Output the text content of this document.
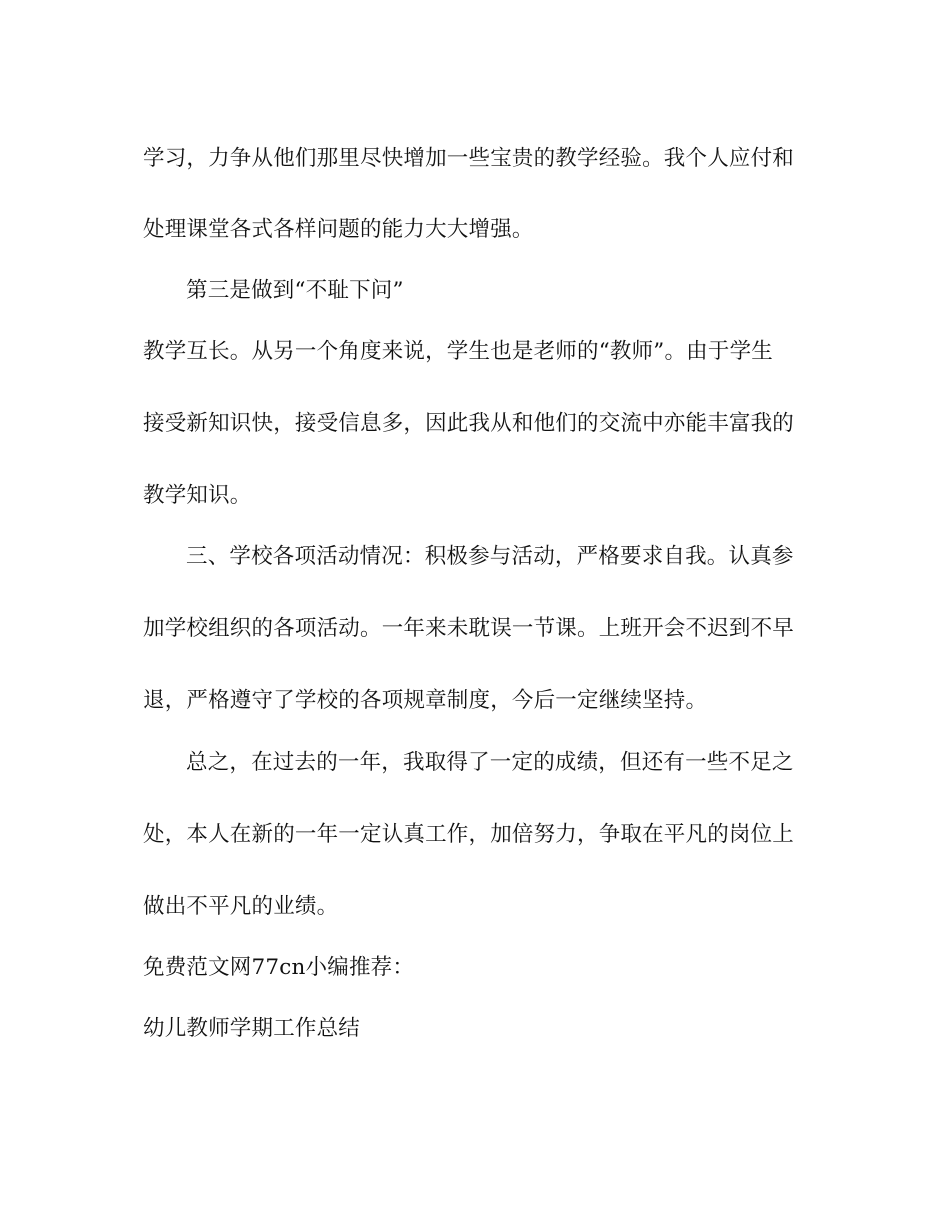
学习，力争从他们那里尽快增加一些宝贵的教学经验。我个人应付和
处理课堂各式各样问题的能力大大增强。
第三是做到“不耻下问”
教学互长。从另一个角度来说，学生也是老师的“教师”。由于学生
接受新知识快，接受信息多，因此我从和他们的交流中亦能丰富我的
教学知识。
三、学校各项活动情况：积极参与活动，严格要求自我。认真参
加学校组织的各项活动。一年来未耽误一节课。上班开会不迟到不早
退，严格遵守了学校的各项规章制度，今后一定继续坚持。
总之，在过去的一年，我取得了一定的成绩，但还有一些不足之
处，本人在新的一年一定认真工作，加倍努力，争取在平凡的岗位上
做出不平凡的业绩。
免费范文网77cn小编推荐：
幼儿教师学期工作总结
